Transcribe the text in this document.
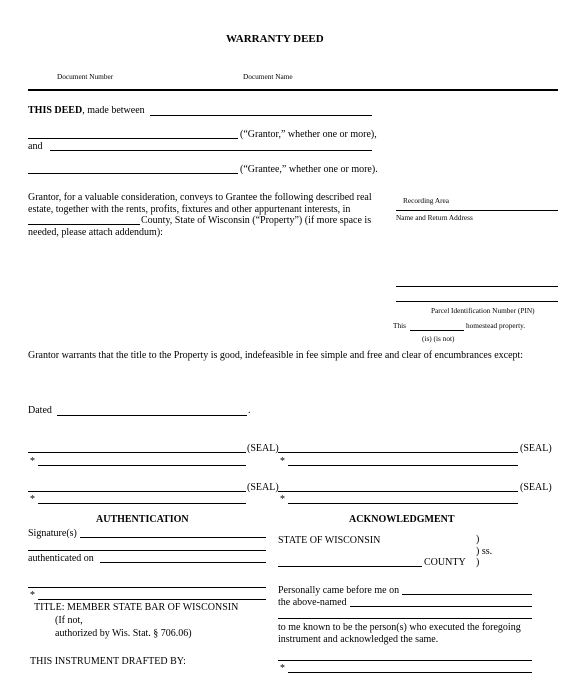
WARRANTY DEED
Document Number	Document Name
THIS DEED, made between
(“Grantor,” whether one or more),
and
(“Grantee,” whether one or more).
Grantor, for a valuable consideration, conveys to Grantee the following described real
estate, together with the rents, profits, fixtures and other appurtenant interests, in
County, State of Wisconsin (“Property”) (if more space is
needed, please attach addendum):
Recording Area
Name and Return Address
Parcel Identification Number (PIN)
This	homestead property.
(is) (is not)
Grantor warrants that the title to the Property is good, indefeasible in fee simple and free and clear of encumbrances except:
Dated	.
(SEAL)	(SEAL)
*	*
(SEAL)	(SEAL)
*	*
AUTHENTICATION
Signature(s)
authenticated on
*
TITLE: MEMBER STATE BAR OF WISCONSIN
(If not,
authorized by Wis. Stat. § 706.06)
THIS INSTRUMENT DRAFTED BY:
ACKNOWLEDGMENT
STATE OF WISCONSIN	)
) ss.
COUNTY )
Personally came before me on
the above-named
to me known to be the person(s) who executed the foregoing
instrument and acknowledged the same.
*
